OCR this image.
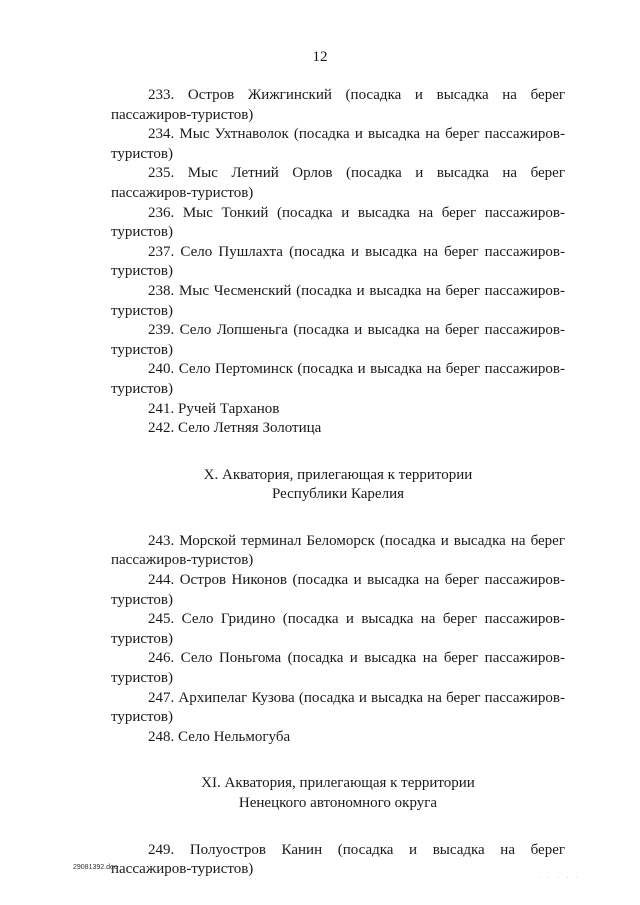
12

233. Остров Жижгинский (посадка и высадка на берег пассажиров-туристов)

234. Мыс Ухтнаволок (посадка и высадка на берег пассажиров-туристов)

235. Мыс Летний Орлов (посадка и высадка на берег пассажиров-туристов)

236. Мыс Тонкий (посадка и высадка на берег пассажиров-туристов)

237. Село Пушлахта (посадка и высадка на берег пассажиров-туристов)

238. Мыс Чесменский (посадка и высадка на берег пассажиров-туристов)

239. Село Лопшеньга (посадка и высадка на берег пассажиров-туристов)

240. Село Пертоминск (посадка и высадка на берег пассажиров-туристов)

241. Ручей Тарханов

242. Село Летняя Золотица

X. Акватория, прилегающая к территории
Республики Карелия

243. Морской терминал Беломорск (посадка и высадка на берег пассажиров-туристов)

244. Остров Никонов (посадка и высадка на берег пассажиров-туристов)

245. Село Гридино (посадка и высадка на берег пассажиров-туристов)

246. Село Поньгома (посадка и высадка на берег пассажиров-туристов)

247. Архипелаг Кузова (посадка и высадка на берег пассажиров-туристов)

248. Село Нельмогуба

XI. Акватория, прилегающая к территории
Ненецкого автономного округа

249. Полуостров Канин (посадка и высадка на берег пассажиров-туристов)

29081392.doc
· · · · ·
